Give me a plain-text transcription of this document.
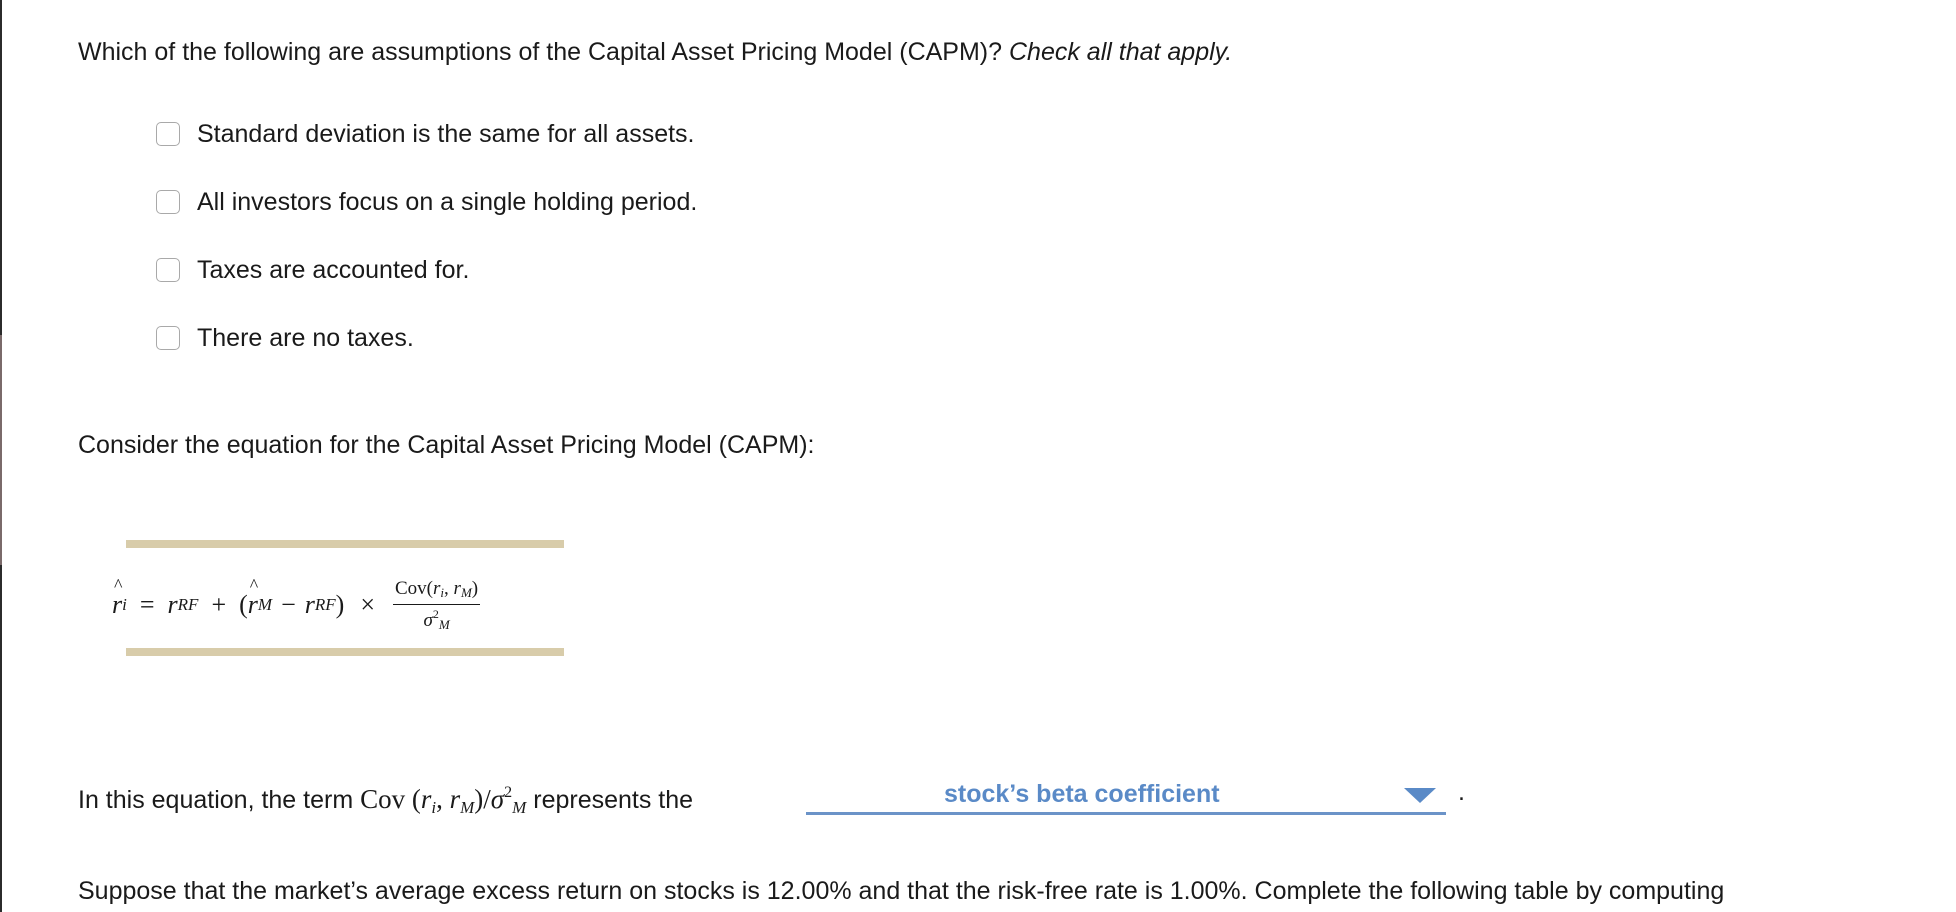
Which of the following are assumptions of the Capital Asset Pricing Model (CAPM)? Check all that apply.
Standard deviation is the same for all assets.
All investors focus on a single holding period.
Taxes are accounted for.
There are no taxes.
Consider the equation for the Capital Asset Pricing Model (CAPM):
^ r i = r RF + (
^ r M − r RF ) × $\frac{Cov(r_i, r_M)}{\sigma^2_M}$
In this equation, the term Cov ($r_i$, $r_M)/\sigma^2_M$ represents the	stock’s beta coefficient	.
Suppose that the market’s average excess return on stocks is 12.00% and that the risk-free rate is 1.00%. Complete the following table by computing
